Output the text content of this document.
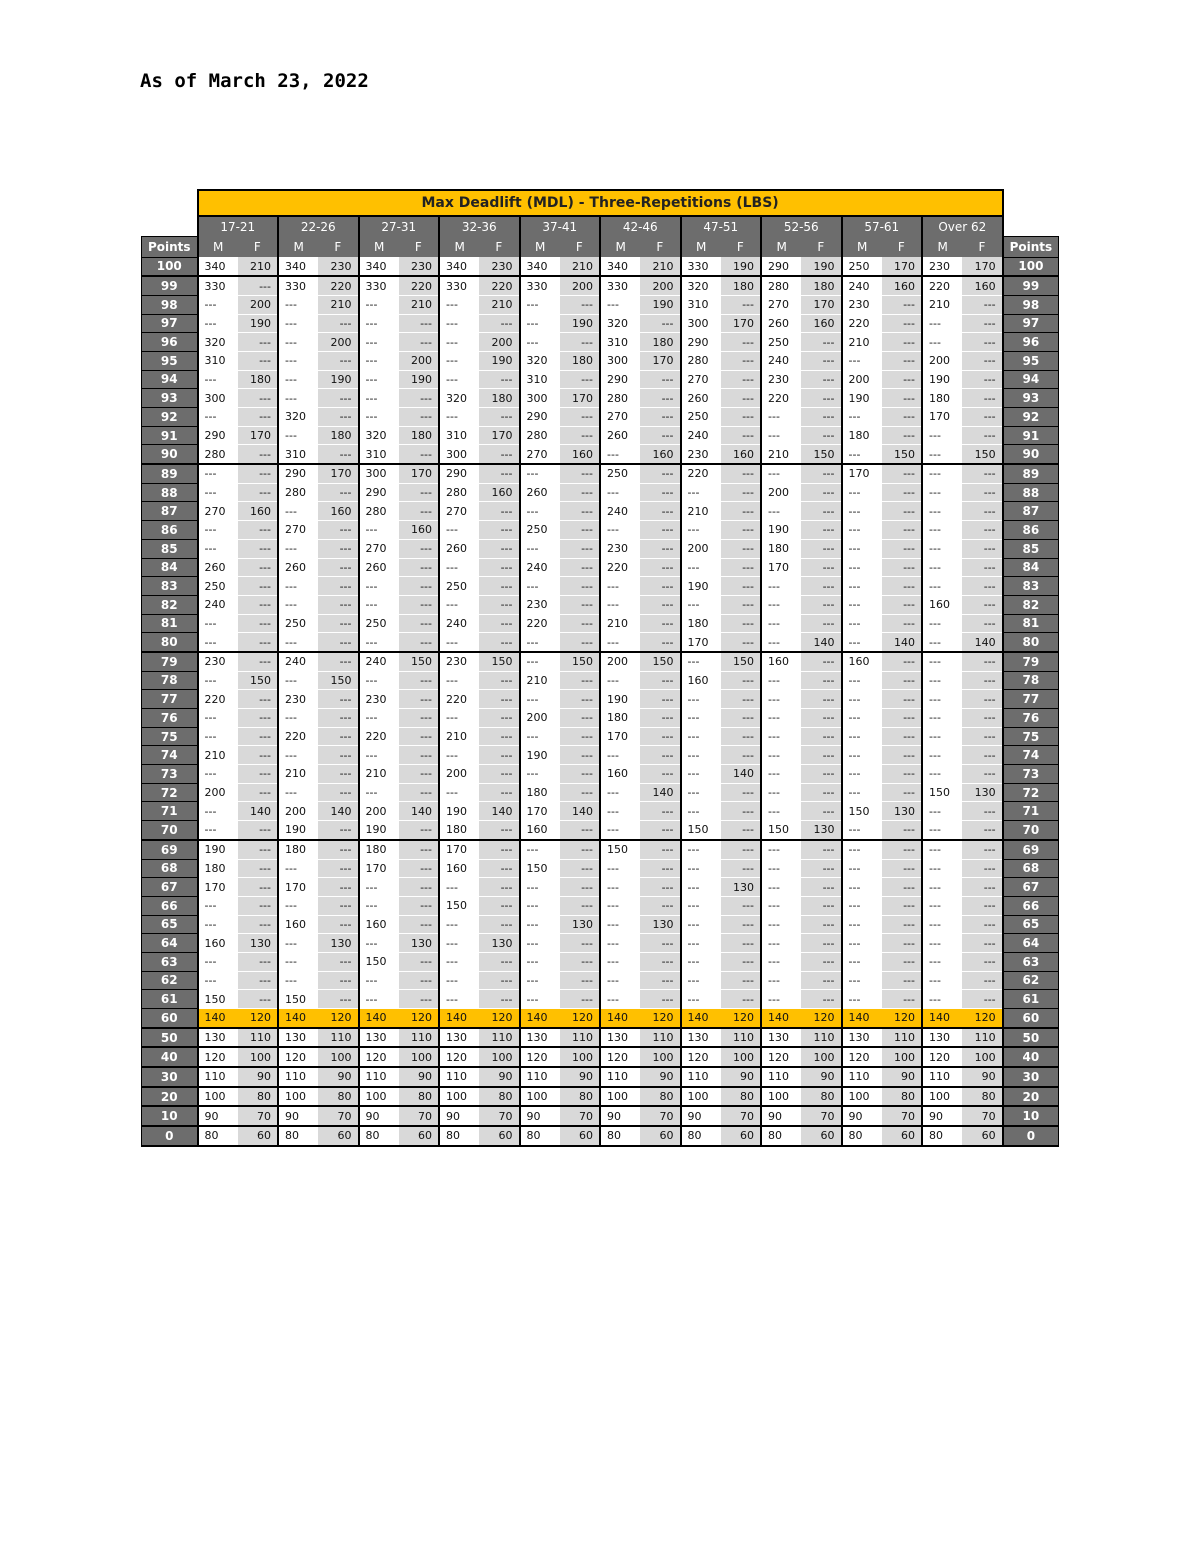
As of March 23, 2022
	Max Deadlift (MDL) - Three-Repetitions (LBS)																				
	17-21		22-26		27-31		32-36		37-41		42-46		47-51		52-56		57-61		Over 62		
Points	M	F	M	F	M	F	M	F	M	F	M	F	M	F	M	F	M	F	M	F	Points
100	340	210	340	230	340	230	340	230	340	210	340	210	330	190	290	190	250	170	230	170	100
99	330	---	330	220	330	220	330	220	330	200	330	200	320	180	280	180	240	160	220	160	99
98	---	200	---	210	---	210	---	210	---	---	---	190	310	---	270	170	230	---	210	---	98
97	---	190	---	---	---	---	---	---	---	190	320	---	300	170	260	160	220	---	---	---	97
96	320	---	---	200	---	---	---	200	---	---	310	180	290	---	250	---	210	---	---	---	96
95	310	---	---	---	---	200	---	190	320	180	300	170	280	---	240	---	---	---	200	---	95
94	---	180	---	190	---	190	---	---	310	---	290	---	270	---	230	---	200	---	190	---	94
93	300	---	---	---	---	---	320	180	300	170	280	---	260	---	220	---	190	---	180	---	93
92	---	---	320	---	---	---	---	---	290	---	270	---	250	---	---	---	---	---	170	---	92
91	290	170	---	180	320	180	310	170	280	---	260	---	240	---	---	---	180	---	---	---	91
90	280	---	310	---	310	---	300	---	270	160	---	160	230	160	210	150	---	150	---	150	90
89	---	---	290	170	300	170	290	---	---	---	250	---	220	---	---	---	170	---	---	---	89
88	---	---	280	---	290	---	280	160	260	---	---	---	---	---	200	---	---	---	---	---	88
87	270	160	---	160	280	---	270	---	---	---	240	---	210	---	---	---	---	---	---	---	87
86	---	---	270	---	---	160	---	---	250	---	---	---	---	---	190	---	---	---	---	---	86
85	---	---	---	---	270	---	260	---	---	---	230	---	200	---	180	---	---	---	---	---	85
84	260	---	260	---	260	---	---	---	240	---	220	---	---	---	170	---	---	---	---	---	84
83	250	---	---	---	---	---	250	---	---	---	---	---	190	---	---	---	---	---	---	---	83
82	240	---	---	---	---	---	---	---	230	---	---	---	---	---	---	---	---	---	160	---	82
81	---	---	250	---	250	---	240	---	220	---	210	---	180	---	---	---	---	---	---	---	81
80	---	---	---	---	---	---	---	---	---	---	---	---	170	---	---	140	---	140	---	140	80
79	230	---	240	---	240	150	230	150	---	150	200	150	---	150	160	---	160	---	---	---	79
78	---	150	---	150	---	---	---	---	210	---	---	---	160	---	---	---	---	---	---	---	78
77	220	---	230	---	230	---	220	---	---	---	190	---	---	---	---	---	---	---	---	---	77
76	---	---	---	---	---	---	---	---	200	---	180	---	---	---	---	---	---	---	---	---	76
75	---	---	220	---	220	---	210	---	---	---	170	---	---	---	---	---	---	---	---	---	75
74	210	---	---	---	---	---	---	---	190	---	---	---	---	---	---	---	---	---	---	---	74
73	---	---	210	---	210	---	200	---	---	---	160	---	---	140	---	---	---	---	---	---	73
72	200	---	---	---	---	---	---	---	180	---	---	140	---	---	---	---	---	---	150	130	72
71	---	140	200	140	200	140	190	140	170	140	---	---	---	---	---	---	150	130	---	---	71
70	---	---	190	---	190	---	180	---	160	---	---	---	150	---	150	130	---	---	---	---	70
69	190	---	180	---	180	---	170	---	---	---	150	---	---	---	---	---	---	---	---	---	69
68	180	---	---	---	170	---	160	---	150	---	---	---	---	---	---	---	---	---	---	---	68
67	170	---	170	---	---	---	---	---	---	---	---	---	---	130	---	---	---	---	---	---	67
66	---	---	---	---	---	---	150	---	---	---	---	---	---	---	---	---	---	---	---	---	66
65	---	---	160	---	160	---	---	---	---	130	---	130	---	---	---	---	---	---	---	---	65
64	160	130	---	130	---	130	---	130	---	---	---	---	---	---	---	---	---	---	---	---	64
63	---	---	---	---	150	---	---	---	---	---	---	---	---	---	---	---	---	---	---	---	63
62	---	---	---	---	---	---	---	---	---	---	---	---	---	---	---	---	---	---	---	---	62
61	150	---	150	---	---	---	---	---	---	---	---	---	---	---	---	---	---	---	---	---	61
60	140	120	140	120	140	120	140	120	140	120	140	120	140	120	140	120	140	120	140	120	60
50	130	110	130	110	130	110	130	110	130	110	130	110	130	110	130	110	130	110	130	110	50
40	120	100	120	100	120	100	120	100	120	100	120	100	120	100	120	100	120	100	120	100	40
30	110	90	110	90	110	90	110	90	110	90	110	90	110	90	110	90	110	90	110	90	30
20	100	80	100	80	100	80	100	80	100	80	100	80	100	80	100	80	100	80	100	80	20
10	90	70	90	70	90	70	90	70	90	70	90	70	90	70	90	70	90	70	90	70	10
0	80	60	80	60	80	60	80	60	80	60	80	60	80	60	80	60	80	60	80	60	0
